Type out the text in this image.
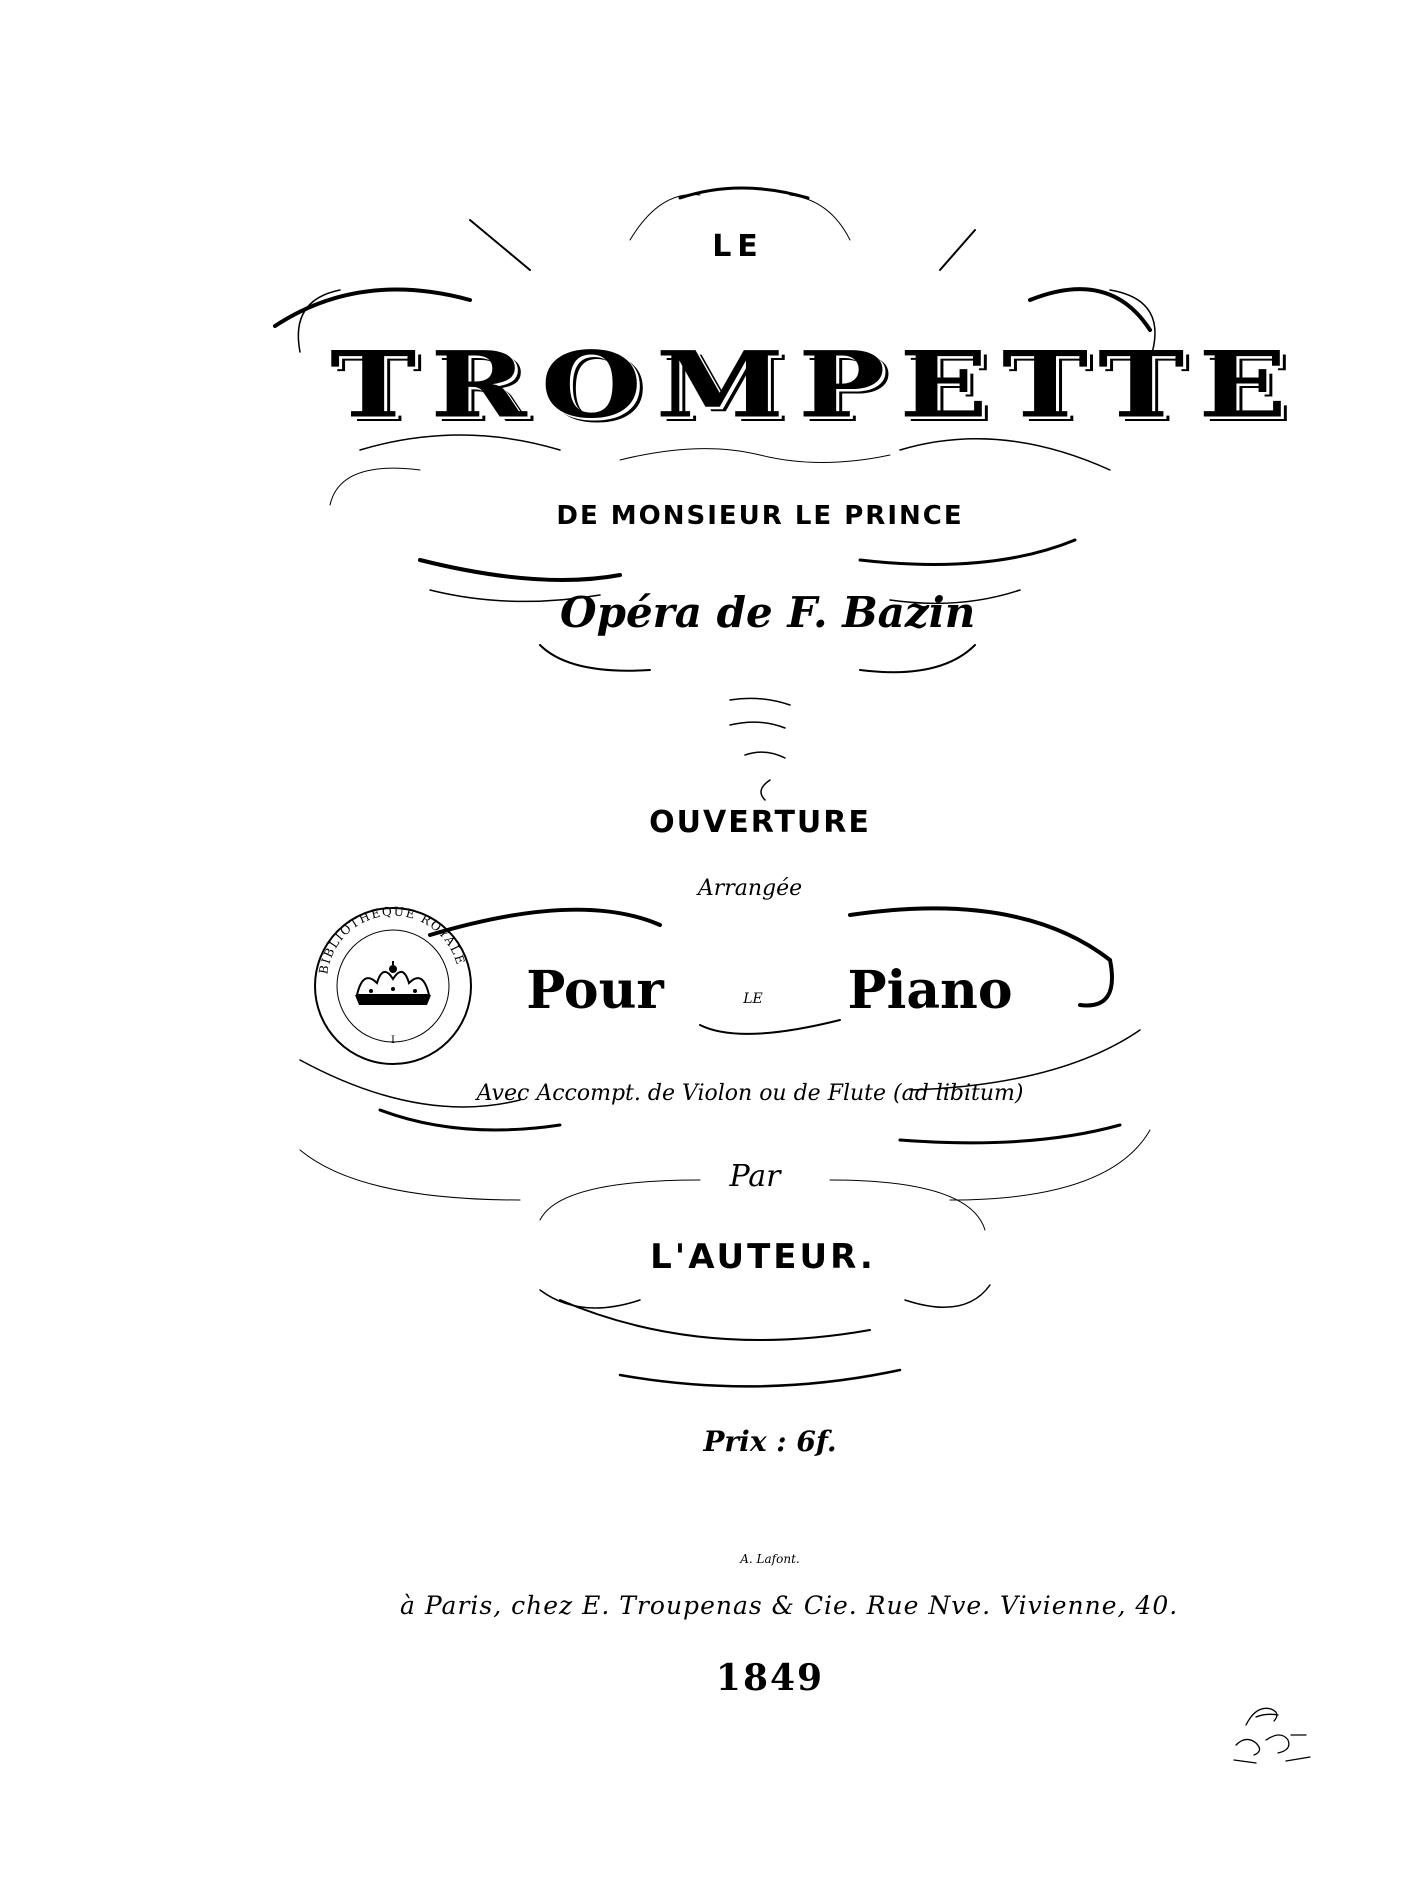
BIBLIOTHEQUE ROYALE
I
LE
TROMPETTE
DE MONSIEUR LE PRINCE
Opéra de F. Bazin
OUVERTURE
Arrangée
Pour	LE Piano
Avec Accompt. de Violon ou de Flute (ad libitum)
Par
L'AUTEUR.
Prix : 6f.
A. Lafont.
à Paris, chez E. Troupenas & Cie. Rue Nve. Vivienne, 40.
1849
